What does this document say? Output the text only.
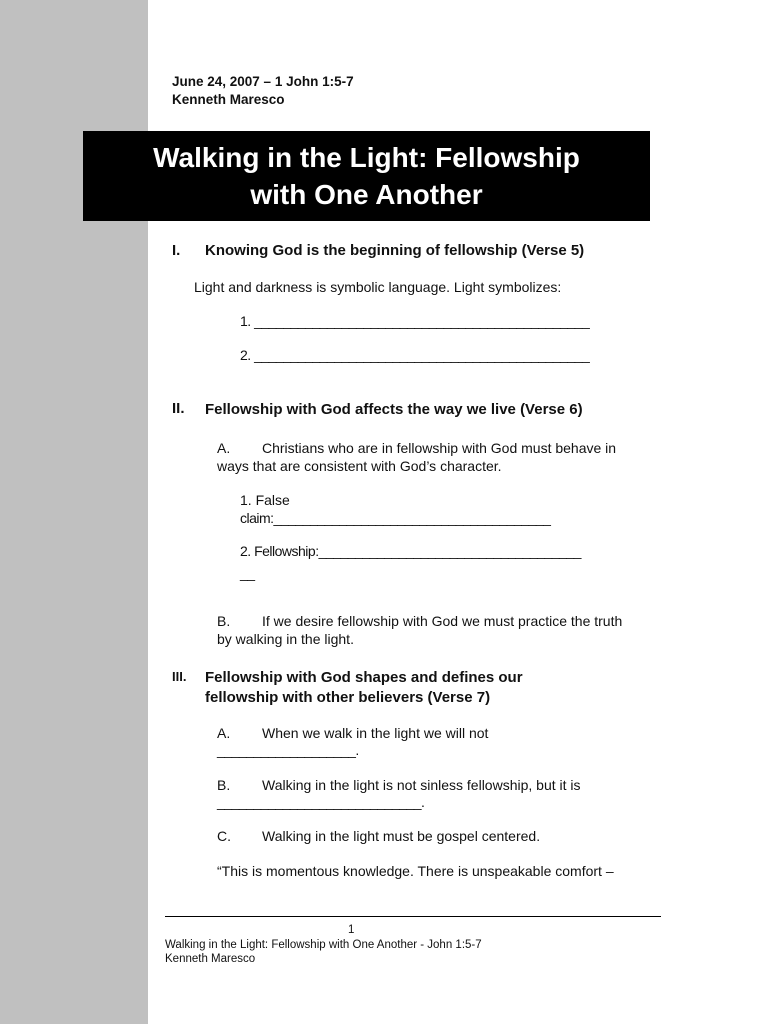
June 24, 2007 – 1 John 1:5-7
Kenneth Maresco
Walking in the Light: Fellowship
with One Another
I. Knowing God is the beginning of fellowship (Verse 5)
Light and darkness is symbolic language. Light symbolizes:
1. ______________________________________________
2. ______________________________________________
II. Fellowship with God affects the way we live (Verse 6)
A. Christians who are in fellowship with God must behave in
ways that are consistent with God’s character.
1. False
claim:______________________________________
2. Fellowship:____________________________________
__
B. If we desire fellowship with God we must practice the truth
by walking in the light.
III. Fellowship with God shapes and defines our
fellowship with other believers (Verse 7)
A. When we walk in the light we will not
___________________.
B. Walking in the light is not sinless fellowship, but it is
____________________________.
C. Walking in the light must be gospel centered.
“This is momentous knowledge. There is unspeakable comfort –
1
Walking in the Light: Fellowship with One Another - John 1:5-7
Kenneth Maresco
